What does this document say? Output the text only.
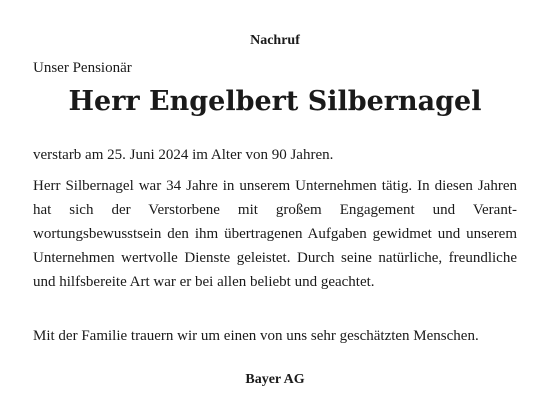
Nachruf
Unser Pensionär
Herr Engelbert Silbernagel

verstarb am 25. Juni 2024 im Alter von 90 Jahren.

Herr Silbernagel war 34 Jahre in unserem Unternehmen tätig. In diesen Jahren hat sich der Verstorbene mit großem Engagement und Verantwortungsbewusstsein den ihm übertragenen Aufgaben gewidmet und unserem Unternehmen wertvolle Dienste geleistet. Durch seine natürliche, freundliche und hilfsbereite Art war er bei allen beliebt und geachtet.

Mit der Familie trauern wir um einen von uns sehr geschätzten Menschen.

Bayer AG
